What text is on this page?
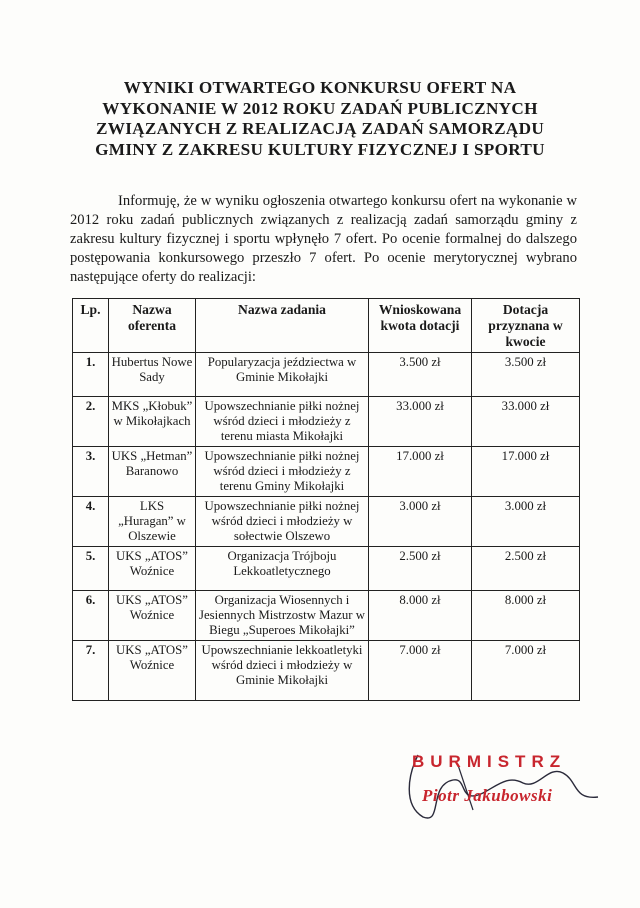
WYNIKI OTWARTEGO KONKURSU OFERT NA
WYKONANIE W 2012 ROKU ZADAŃ PUBLICZNYCH
ZWIĄZANYCH Z REALIZACJĄ ZADAŃ SAMORZĄDU
GMINY Z ZAKRESU KULTURY FIZYCZNEJ I SPORTU

Informuję, że w wyniku ogłoszenia otwartego konkursu ofert na wykonanie w 2012 roku zadań publicznych związanych z realizacją zadań samorządu gminy z zakresu kultury fizycznej i sportu wpłynęło 7 ofert. Po ocenie formalnej do dalszego postępowania konkursowego przeszło 7 ofert. Po ocenie merytorycznej wybrano następujące oferty do realizacji:

Lp.	Nazwa oferenta	Nazwa zadania	Wnioskowana kwota dotacji	Dotacja przyznana w kwocie
1.	Hubertus Nowe Sady	Popularyzacja jeździectwa w Gminie Mikołajki	3.500 zł	3.500 zł
2.	MKS „Kłobuk” w Mikołajkach	Upowszechnianie piłki nożnej wśród dzieci i młodzieży z terenu miasta Mikołajki	33.000 zł	33.000 zł
3.	UKS „Hetman” Baranowo	Upowszechnianie piłki nożnej wśród dzieci i młodzieży z terenu Gminy Mikołajki	17.000 zł	17.000 zł
4.	LKS „Huragan” w Olszewie	Upowszechnianie piłki nożnej wśród dzieci i młodzieży w sołectwie Olszewo	3.000 zł	3.000 zł
5.	UKS „ATOS” Woźnice	Organizacja Trójboju Lekkoatletycznego	2.500 zł	2.500 zł
6.	UKS „ATOS” Woźnice	Organizacja Wiosennych i Jesiennych Mistrzostw Mazur w Biegu „Superoes Mikołajki”	8.000 zł	8.000 zł
7.	UKS „ATOS” Woźnice	Upowszechnianie lekkoatletyki wśród dzieci i młodzieży w Gminie Mikołajki	7.000 zł	7.000 zł
BURMISTRZ
Piotr Jakubowski
